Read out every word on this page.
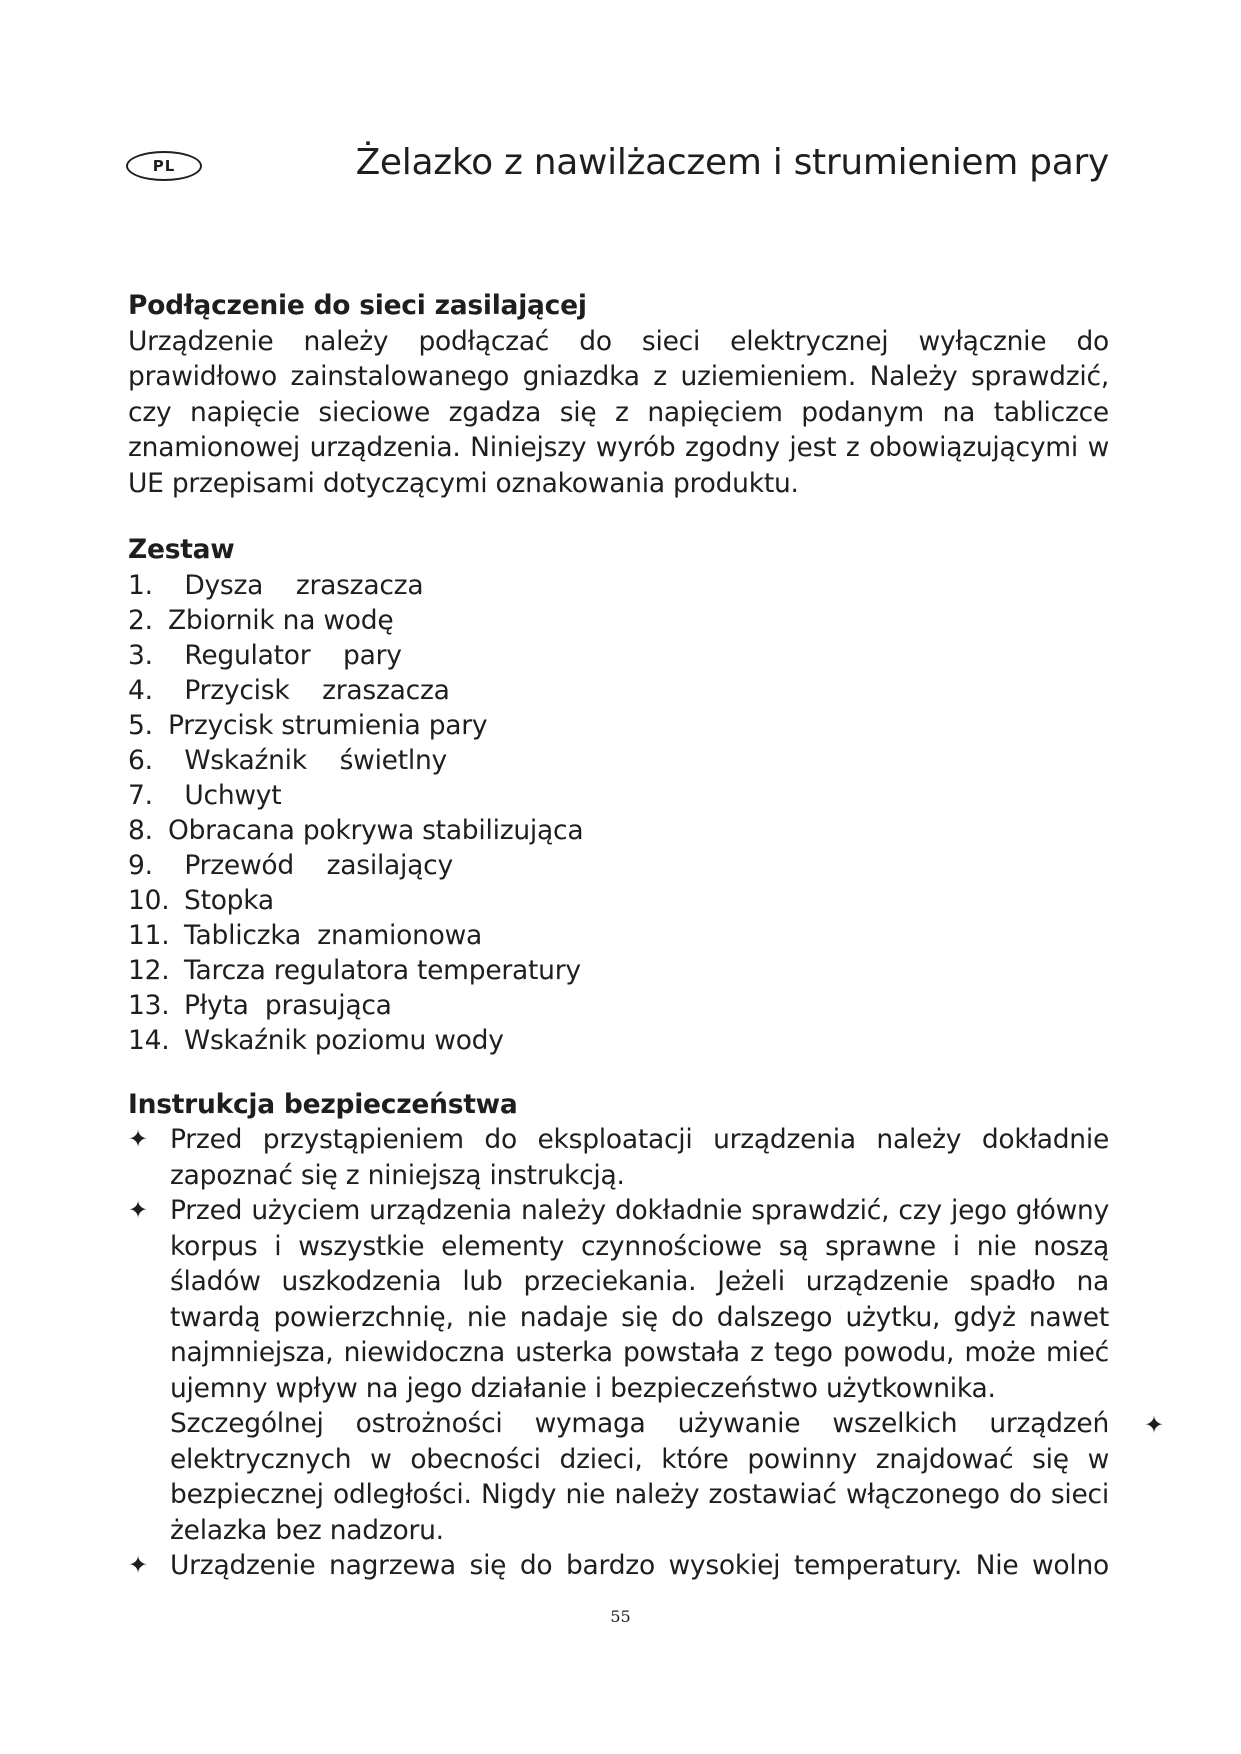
PL	Żelazko z nawilżaczem i strumieniem pary
Podłączenie do sieci zasilającej

Urządzenie należy podłączać do sieci elektrycznej wyłącznie do prawidłowo zainstalowanego gniazdka z uziemieniem. Należy sprawdzić, czy napięcie sieciowe zgadza się z napięciem podanym na tabliczce znamionowej urządzenia. Niniejszy wyrób zgodny jest z obowiązującymi w UE przepisami dotyczącymi oznakowania produktu.

Zestaw
1. Dysza    zraszacza
2. Zbiornik na wodę
3. Regulator    pary
4. Przycisk    zraszacza
5. Przycisk strumienia pary
6. Wskaźnik    świetlny
7. Uchwyt
8. Obracana pokrywa stabilizująca
9. Przewód    zasilający
10. Stopka
11. Tabliczka  znamionowa
12. Tarcza regulatora temperatury
13. Płyta  prasująca
14. Wskaźnik poziomu wody
Instrukcja bezpieczeństwa
✦ Przed przystąpieniem do eksploatacji urządzenia należy dokładnie zapoznać się z niniejszą instrukcją.

✦ Przed użyciem urządzenia należy dokładnie sprawdzić, czy jego główny korpus i wszystkie elementy czynnościowe są sprawne i nie noszą śladów uszkodzenia lub przeciekania. Jeżeli urządzenie spadło na twardą powierzchnię, nie nadaje się do dalszego użytku, gdyż nawet najmniejsza, niewidoczna usterka powstała z tego powodu, może mieć ujemny wpływ na jego działanie i bezpieczeństwo użytkownika.

Szczególnej ostrożności wymaga używanie wszelkich urządzeń elektrycznych w obecności dzieci, które powinny znajdować się w bezpiecznej odległości. Nigdy nie należy zostawiać włączonego do sieci żelazka bez nadzoru.

✦ Urządzenie nagrzewa się do bardzo wysokiej temperatury. Nie wolno

✦
55
